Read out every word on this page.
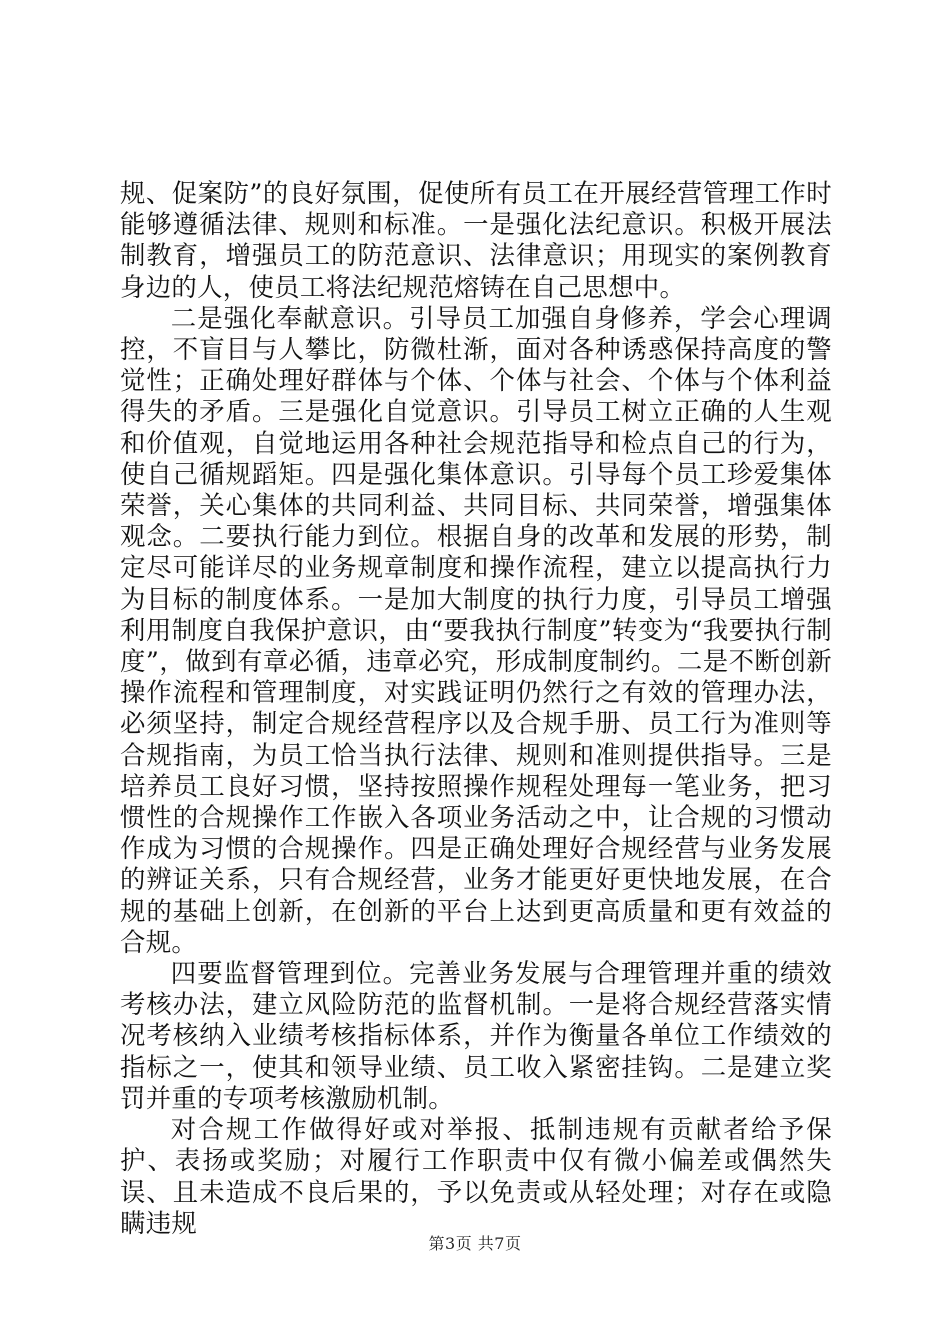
规、促案防”的良好氛围，促使所有员工在开展经营管理工作时能够遵循法律、规则和标准。一是强化法纪意识。积极开展法制教育，增强员工的防范意识、法律意识；用现实的案例教育身边的人，使员工将法纪规范熔铸在自己思想中。

二是强化奉献意识。引导员工加强自身修养，学会心理调控，不盲目与人攀比，防微杜渐，面对各种诱惑保持高度的警觉性；正确处理好群体与个体、个体与社会、个体与个体利益得失的矛盾。三是强化自觉意识。引导员工树立正确的人生观和价值观，自觉地运用各种社会规范指导和检点自己的行为，使自己循规蹈矩。四是强化集体意识。引导每个员工珍爱集体荣誉，关心集体的共同利益、共同目标、共同荣誉，增强集体观念。二要执行能力到位。根据自身的改革和发展的形势，制定尽可能详尽的业务规章制度和操作流程，建立以提高执行力为目标的制度体系。一是加大制度的执行力度，引导员工增强利用制度自我保护意识，由“要我执行制度”转变为“我要执行制度”，做到有章必循，违章必究，形成制度制约。二是不断创新操作流程和管理制度，对实践证明仍然行之有效的管理办法，必须坚持，制定合规经营程序以及合规手册、员工行为准则等合规指南，为员工恰当执行法律、规则和准则提供指导。三是培养员工良好习惯，坚持按照操作规程处理每一笔业务，把习惯性的合规操作工作嵌入各项业务活动之中，让合规的习惯动作成为习惯的合规操作。四是正确处理好合规经营与业务发展的辨证关系，只有合规经营，业务才能更好更快地发展，在合规的基础上创新，在创新的平台上达到更高质量和更有效益的合规。

四要监督管理到位。完善业务发展与合理管理并重的绩效考核办法，建立风险防范的监督机制。一是将合规经营落实情况考核纳入业绩考核指标体系，并作为衡量各单位工作绩效的指标之一，使其和领导业绩、员工收入紧密挂钩。二是建立奖罚并重的专项考核激励机制。

对合规工作做得好或对举报、抵制违规有贡献者给予保护、表扬或奖励；对履行工作职责中仅有微小偏差或偶然失误、且未造成不良后果的，予以免责或从轻处理；对存在或隐瞒违规

第3页 共7页
